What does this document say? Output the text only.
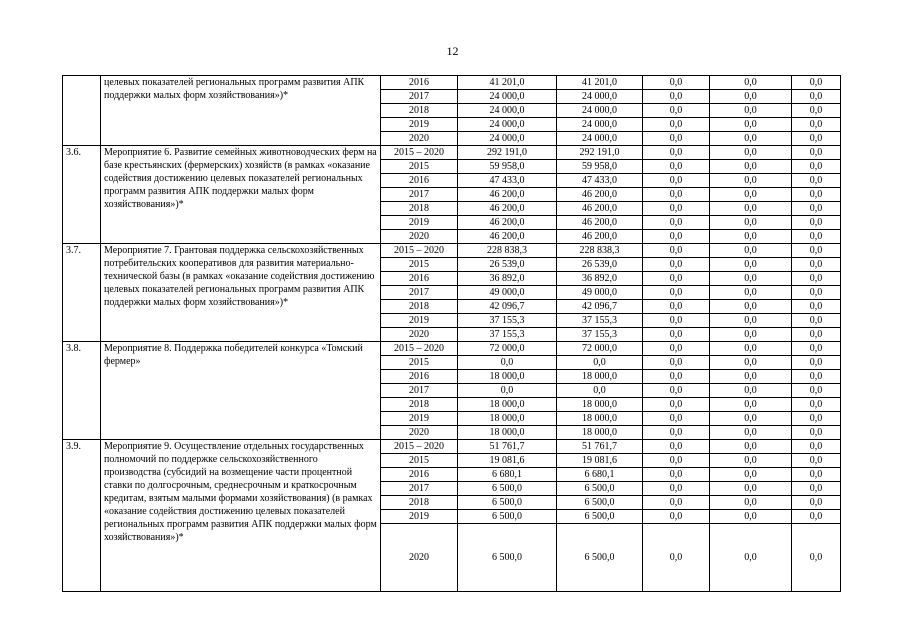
12
	целевых показателей региональных программ развития АПК поддержки малых форм хозяйствования»)*	2016	41 201,0	41 201,0	0,0	0,0	0,0
		2017	24 000,0	24 000,0	0,0	0,0	0,0
		2018	24 000,0	24 000,0	0,0	0,0	0,0
		2019	24 000,0	24 000,0	0,0	0,0	0,0
		2020	24 000,0	24 000,0	0,0	0,0	0,0
3.6.	Мероприятие 6. Развитие семейных животноводческих ферм на базе крестьянских (фермерских) хозяйств (в рамках «оказание содействия достижению целевых показателей региональных программ развития АПК поддержки малых форм хозяйствования»)*	2015 – 2020	292 191,0	292 191,0	0,0	0,0	0,0
		2015	59 958,0	59 958,0	0,0	0,0	0,0
		2016	47 433,0	47 433,0	0,0	0,0	0,0
		2017	46 200,0	46 200,0	0,0	0,0	0,0
		2018	46 200,0	46 200,0	0,0	0,0	0,0
		2019	46 200,0	46 200,0	0,0	0,0	0,0
		2020	46 200,0	46 200,0	0,0	0,0	0,0
3.7.	Мероприятие 7. Грантовая поддержка сельскохозяйственных потребительских кооперативов для развития материально-технической базы (в рамках «оказание содействия достижению целевых показателей региональных программ развития АПК поддержки малых форм хозяйствования»)*	2015 – 2020	228 838,3	228 838,3	0,0	0,0	0,0
		2015	26 539,0	26 539,0	0,0	0,0	0,0
		2016	36 892,0	36 892,0	0,0	0,0	0,0
		2017	49 000,0	49 000,0	0,0	0,0	0,0
		2018	42 096,7	42 096,7	0,0	0,0	0,0
		2019	37 155,3	37 155,3	0,0	0,0	0,0
		2020	37 155,3	37 155,3	0,0	0,0	0,0
3.8.	Мероприятие 8. Поддержка победителей конкурса «Томский фермер»	2015 – 2020	72 000,0	72 000,0	0,0	0,0	0,0
		2015	0,0	0,0	0,0	0,0	0,0
		2016	18 000,0	18 000,0	0,0	0,0	0,0
		2017	0,0	0,0	0,0	0,0	0,0
		2018	18 000,0	18 000,0	0,0	0,0	0,0
		2019	18 000,0	18 000,0	0,0	0,0	0,0
		2020	18 000,0	18 000,0	0,0	0,0	0,0
3.9.	Мероприятие 9. Осуществление отдельных государственных полномочий по поддержке сельскохозяйственного производства (субсидий на возмещение части процентной ставки по долгосрочным, среднесрочным и краткосрочным кредитам, взятым малыми формами хозяйствования) (в рамках «оказание содействия достижению целевых показателей региональных программ развития АПК поддержки малых форм хозяйствования»)*	2015 – 2020	51 761,7	51 761,7	0,0	0,0	0,0
		2015	19 081,6	19 081,6	0,0	0,0	0,0
		2016	6 680,1	6 680,1	0,0	0,0	0,0
		2017	6 500,0	6 500,0	0,0	0,0	0,0
		2018	6 500,0	6 500,0	0,0	0,0	0,0
		2019	6 500,0	6 500,0	0,0	0,0	0,0
		2020	6 500,0	6 500,0	0,0	0,0	0,0
